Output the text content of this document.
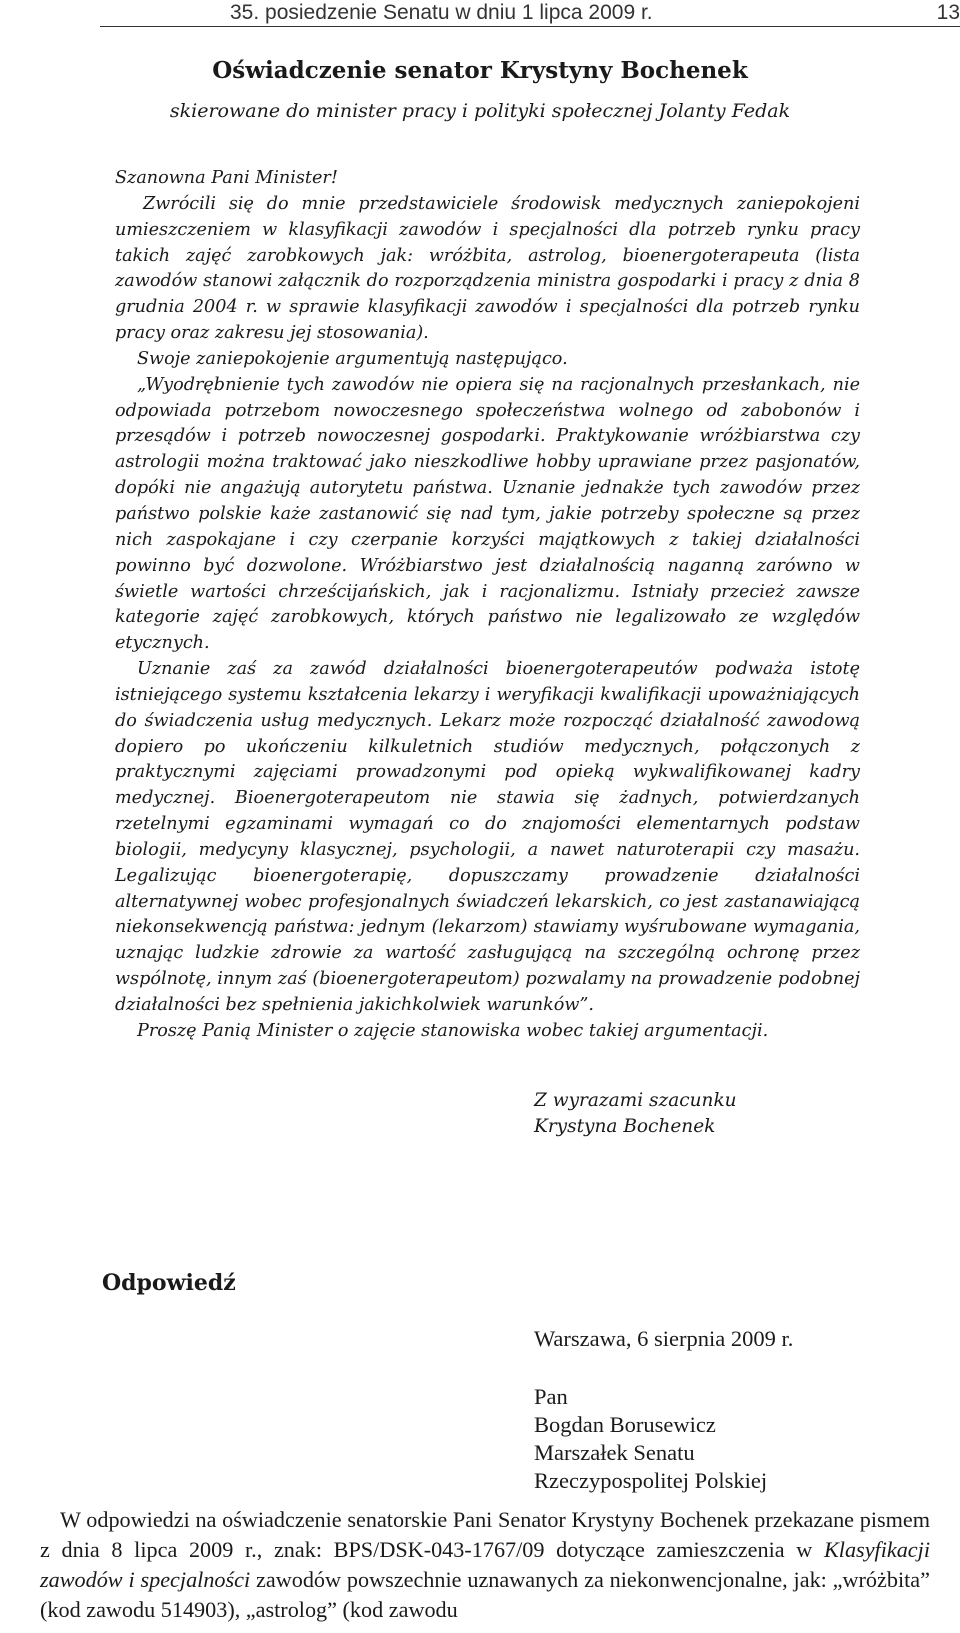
35. posiedzenie Senatu w dniu 1 lipca 2009 r.	13
Oświadczenie senator Krystyny Bochenek
skierowane do minister pracy i polityki społecznej Jolanty Fedak

Szanowna Pani Minister!

Zwrócili się do mnie przedstawiciele środowisk medycznych zaniepokojeni umieszczeniem w klasyfikacji zawodów i specjalności dla potrzeb rynku pracy takich zajęć zarobkowych jak: wróżbita, astrolog, bioenergoterapeuta (lista zawodów stanowi załącznik do rozporządzenia ministra gospodarki i pracy z dnia 8 grudnia 2004 r. w sprawie klasyfikacji zawodów i specjalności dla potrzeb rynku pracy oraz zakresu jej stosowania).

Swoje zaniepokojenie argumentują następująco.

„Wyodrębnienie tych zawodów nie opiera się na racjonalnych przesłankach, nie odpowiada potrzebom nowoczesnego społeczeństwa wolnego od zabobonów i przesądów i potrzeb nowoczesnej gospodarki. Praktykowanie wróżbiarstwa czy astrologii można traktować jako nieszkodliwe hobby uprawiane przez pasjonatów, dopóki nie angażują autorytetu państwa. Uznanie jednakże tych zawodów przez państwo polskie każe zastanowić się nad tym, jakie potrzeby społeczne są przez nich zaspokajane i czy czerpanie korzyści majątkowych z takiej działalności powinno być dozwolone. Wróżbiarstwo jest działalnością naganną zarówno w świetle wartości chrześcijańskich, jak i racjonalizmu. Istniały przecież zawsze kategorie zajęć zarobkowych, których państwo nie legalizowało ze względów etycznych.

Uznanie zaś za zawód działalności bioenergoterapeutów podważa istotę istniejącego systemu kształcenia lekarzy i weryfikacji kwalifikacji upoważniających do świadczenia usług medycznych. Lekarz może rozpocząć działalność zawodową dopiero po ukończeniu kilkuletnich studiów medycznych, połączonych z praktycznymi zajęciami prowadzonymi pod opieką wykwalifikowanej kadry medycznej. Bioenergoterapeutom nie stawia się żadnych, potwierdzanych rzetelnymi egzaminami wymagań co do znajomości elementarnych podstaw biologii, medycyny klasycznej, psychologii, a nawet naturoterapii czy masażu. Legalizując bioenergoterapię, dopuszczamy prowadzenie działalności alternatywnej wobec profesjonalnych świadczeń lekarskich, co jest zastanawiającą niekonsekwencją państwa: jednym (lekarzom) stawiamy wyśrubowane wymagania, uznając ludzkie zdrowie za wartość zasługującą na szczególną ochronę przez wspólnotę, innym zaś (bioenergoterapeutom) pozwalamy na prowadzenie podobnej działalności bez spełnienia jakichkolwiek warunków”.

Proszę Panią Minister o zajęcie stanowiska wobec takiej argumentacji.

Z wyrazami szacunku
Krystyna Bochenek
Odpowiedź
Warszawa, 6 sierpnia 2009 r.
Pan
Bogdan Borusewicz
Marszałek Senatu
Rzeczypospolitej Polskiej

W odpowiedzi na oświadczenie senatorskie Pani Senator Krystyny Bochenek przekazane pismem z dnia 8 lipca 2009 r., znak: BPS/DSK-043-1767/09 dotyczące zamieszczenia w Klasyfikacji zawodów i specjalności zawodów powszechnie uznawanych za niekonwencjonalne, jak: „wróżbita” (kod zawodu 514903), „astrolog” (kod zawodu
